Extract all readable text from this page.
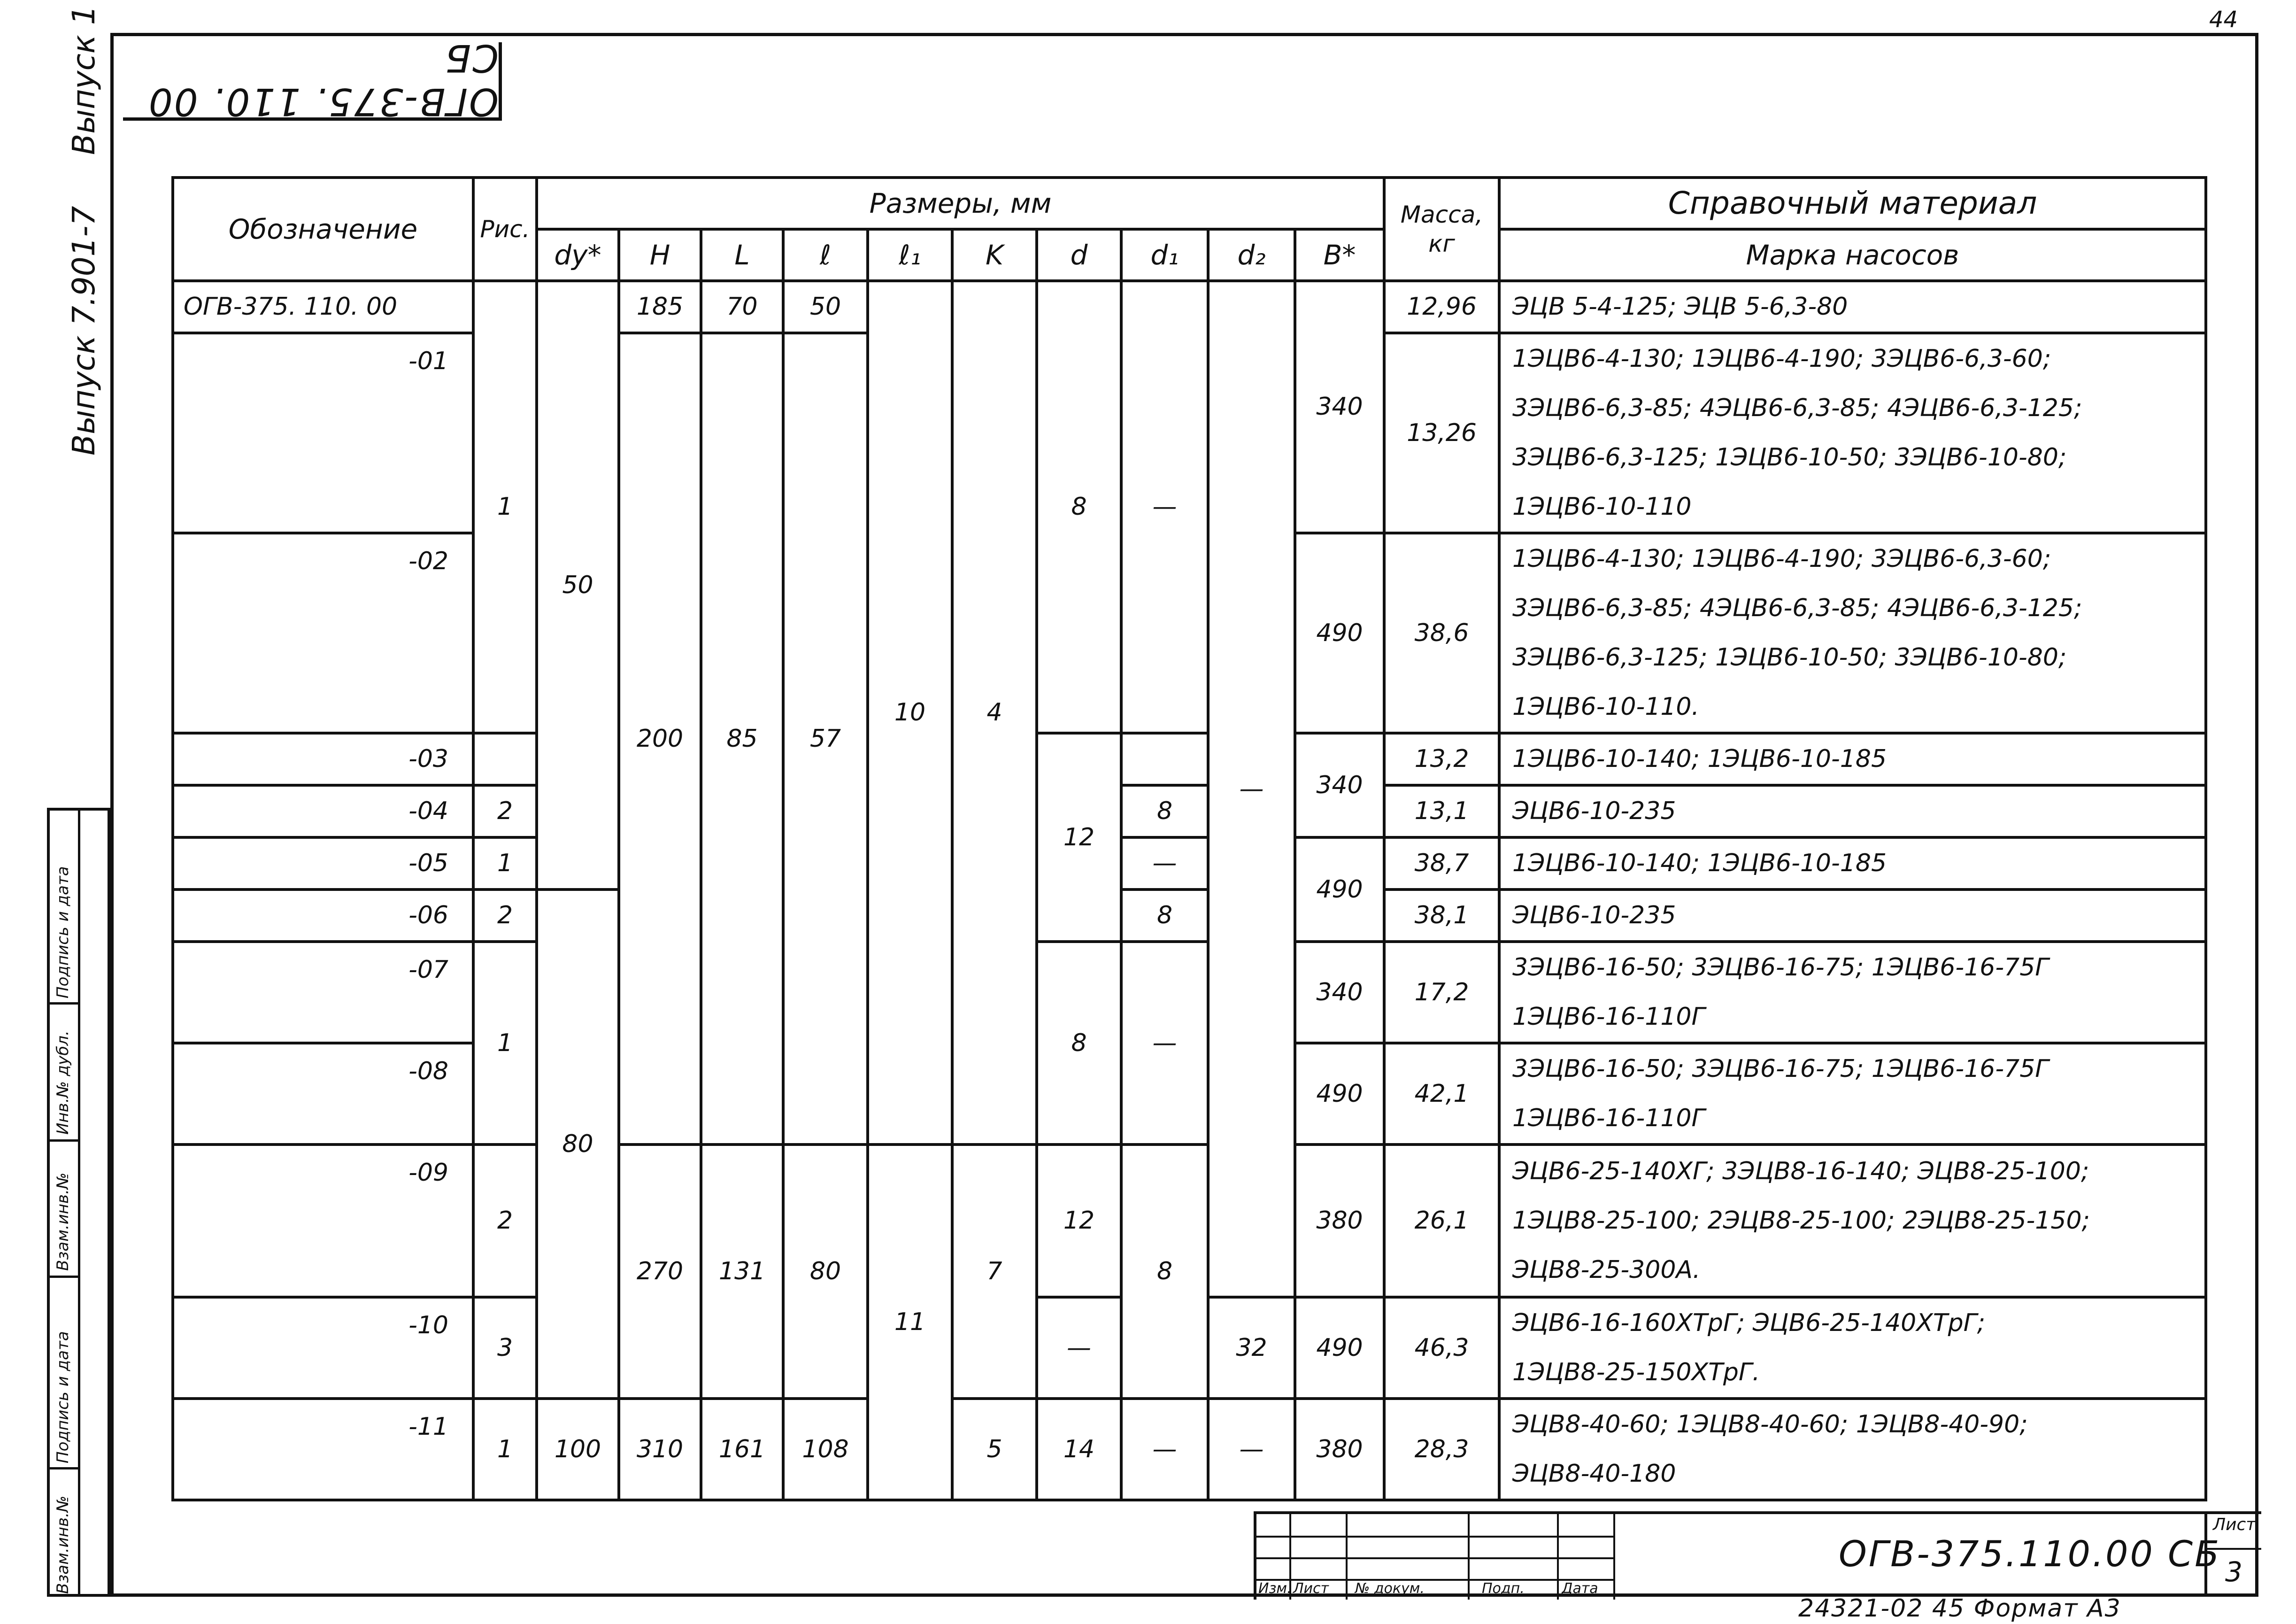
44
ОГВ-375. 110. 00 СБ
Выпуск 1
Выпуск 7.901-7
Подпись и дата
Инв.№ дубл.
Взам.инв.№
Подпись и дата
Взам.инв.№
Обозначение	Рис.	Размеры, мм										Масса, кг	Справочный материал
		dу*	H	L	ℓ	ℓ₁	K	d	d₁	d₂	B*		Марка насосов
ОГВ-375. 110. 00	1	50	185	70	50	10	4	8	—	—	340	12,96	ЭЦВ 5-4-125; ЭЦВ 5-6,3-80

-01			200	85	57							13,26	1ЭЦВ6-4-130; 1ЭЦВ6-4-190; 3ЭЦВ6-6,3-60;
3ЭЦВ6-6,3-85; 4ЭЦВ6-6,3-85; 4ЭЦВ6-6,3-125;
3ЭЦВ6-6,3-125; 1ЭЦВ6-10-50; 3ЭЦВ6-10-80;
1ЭЦВ6-10-110

-02											490	38,6	1ЭЦВ6-4-130; 1ЭЦВ6-4-190; 3ЭЦВ6-6,3-60;
3ЭЦВ6-6,3-85; 4ЭЦВ6-6,3-85; 4ЭЦВ6-6,3-125;
3ЭЦВ6-6,3-125; 1ЭЦВ6-10-50; 3ЭЦВ6-10-80;
1ЭЦВ6-10-110.

-03								12			340	13,2	1ЭЦВ6-10-140; 1ЭЦВ6-10-185

-04	2								8			13,1	ЭЦВ6-10-235

-05	1								—		490	38,7	1ЭЦВ6-10-140; 1ЭЦВ6-10-185

-06	2	80							8			38,1	ЭЦВ6-10-235

-07	1							8	—		340	17,2	3ЭЦВ6-16-50; 3ЭЦВ6-16-75; 1ЭЦВ6-16-75Г
1ЭЦВ6-16-110Г

-08											490	42,1	3ЭЦВ6-16-50; 3ЭЦВ6-16-75; 1ЭЦВ6-16-75Г
1ЭЦВ6-16-110Г

-09	2		270	131	80	11	7	12	8		380	26,1	ЭЦВ6-25-140ХГ; 3ЭЦВ8-16-140; ЭЦВ8-25-100;
1ЭЦВ8-25-100; 2ЭЦВ8-25-100; 2ЭЦВ8-25-150;
ЭЦВ8-25-300А.

-10	3							—		32	490	46,3	ЭЦВ6-16-160ХТрГ; ЭЦВ6-25-140ХТрГ;
1ЭЦВ8-25-150ХТрГ.

-11	1	100	310	161	108		5	14	—	—	380	28,3	ЭЦВ8-40-60; 1ЭЦВ8-40-60; 1ЭЦВ8-40-90;
ЭЦВ8-40-180
Изм. Лист № докум.	Подп.	Дата
ОГВ-375.110.00 СБ
Лист
3
24321-02 45 Формат А3
